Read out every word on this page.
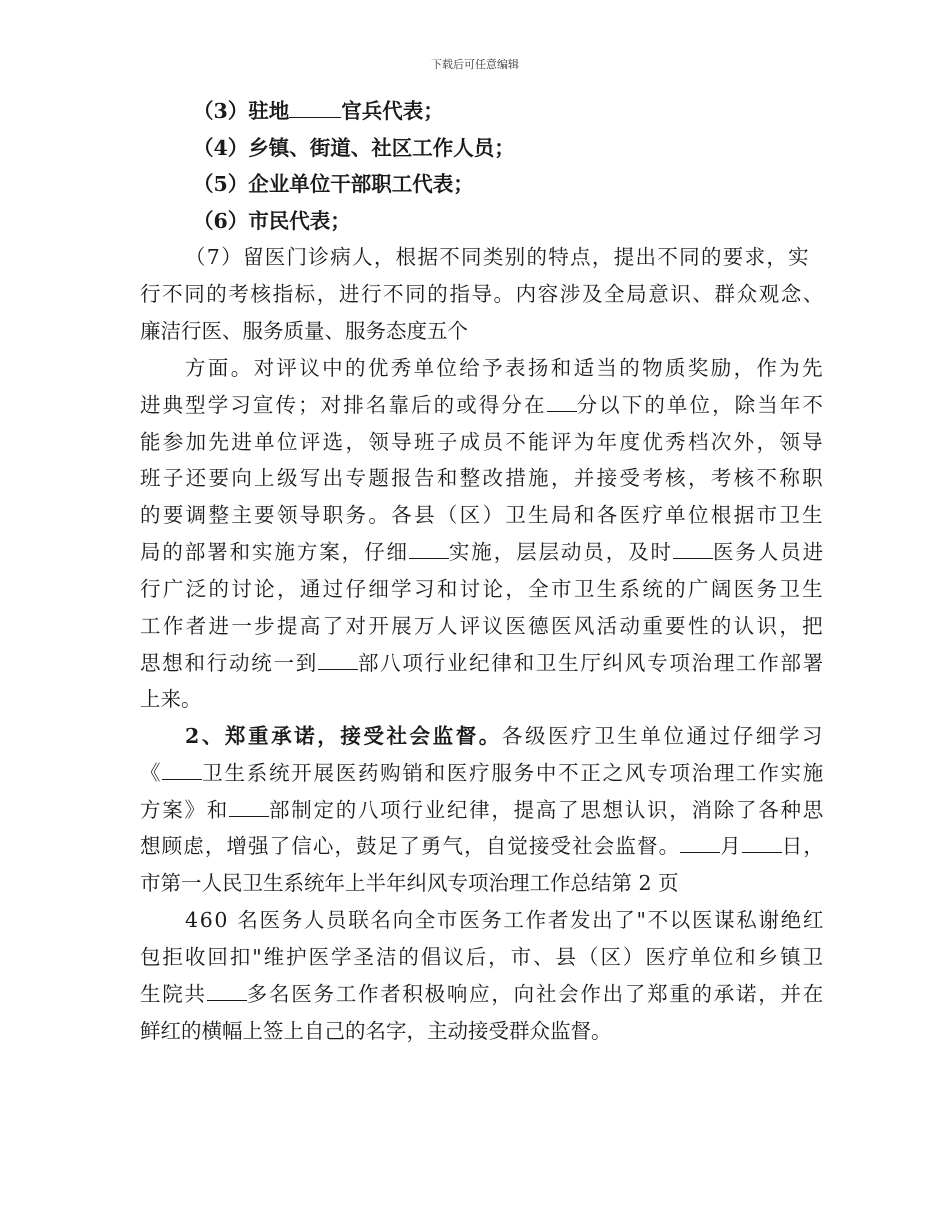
下载后可任意编辑
（3）驻地	官兵代表；
（4）乡镇、街道、社区工作人员；
（5）企业单位干部职工代表；
（6）市民代表；
（7）留医门诊病人，根据不同类别的特点，提出不同的要求，实
行不同的考核指标，进行不同的指导。内容涉及全局意识、群众观念、
廉洁行医、服务质量、服务态度五个
方面。对评议中的优秀单位给予表扬和适当的物质奖励，作为先
进典型学习宣传；对排名靠后的或得分在 分以下的单位，除当年不
能参加先进单位评选，领导班子成员不能评为年度优秀档次外，领导
班子还要向上级写出专题报告和整改措施，并接受考核，考核不称职
的要调整主要领导职务。各县（区）卫生局和各医疗单位根据市卫生
局的部署和实施方案，仔细 实施，层层动员，及时 医务人员进
行广泛的讨论，通过仔细学习和讨论，全市卫生系统的广阔医务卫生
工作者进一步提高了对开展万人评议医德医风活动重要性的认识，把
思想和行动统一到 部八项行业纪律和卫生厅纠风专项治理工作部署
上来。
2、郑重承诺，接受社会监督。各级医疗卫生单位通过仔细学习
《 卫生系统开展医药购销和医疗服务中不正之风专项治理工作实施
方案》和 部制定的八项行业纪律，提高了思想认识，消除了各种思
想顾虑，增强了信心，鼓足了勇气，自觉接受社会监督。 月 日，
市第一人民卫生系统年上半年纠风专项治理工作总结第 2 页
460 名医务人员联名向全市医务工作者发出了"不以医谋私谢绝红
包拒收回扣"维护医学圣洁的倡议后，市、县（区）医疗单位和乡镇卫
生院共 多名医务工作者积极响应，向社会作出了郑重的承诺，并在
鲜红的横幅上签上自己的名字，主动接受群众监督。
